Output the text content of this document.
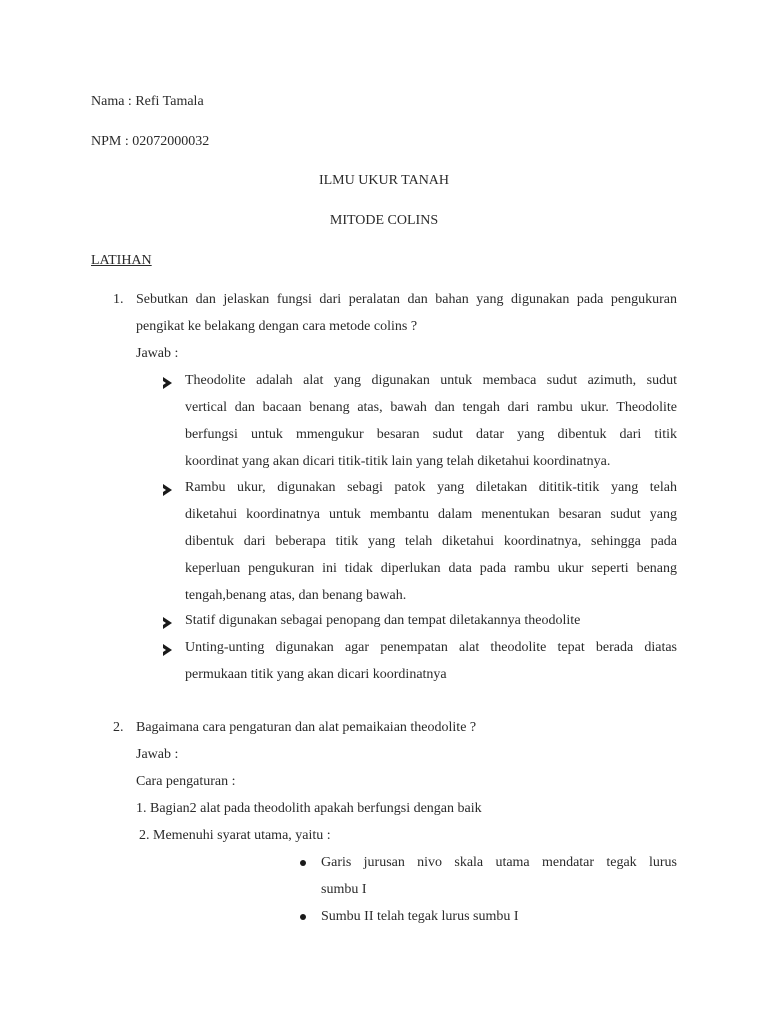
Nama : Refi Tamala
NPM : 02072000032
ILMU UKUR TANAH
MITODE COLINS
LATIHAN
1. Sebutkan dan jelaskan fungsi dari peralatan dan bahan yang digunakan pada pengukuran
pengikat ke belakang dengan cara metode colins ?
Jawab :
Theodolite adalah alat yang digunakan untuk membaca sudut azimuth, sudut
vertical dan bacaan benang atas, bawah dan tengah dari rambu ukur. Theodolite
berfungsi untuk mmengukur besaran sudut datar yang dibentuk dari titik
koordinat yang akan dicari titik-titik lain yang telah diketahui koordinatnya.
Rambu ukur, digunakan sebagi patok yang diletakan dititik-titik yang telah
diketahui koordinatnya untuk membantu dalam menentukan besaran sudut yang
dibentuk dari beberapa titik yang telah diketahui koordinatnya, sehingga pada
keperluan pengukuran ini tidak diperlukan data pada rambu ukur seperti benang
tengah,benang atas, dan benang bawah.
Statif digunakan sebagai penopang dan tempat diletakannya theodolite
Unting-unting digunakan agar penempatan alat theodolite tepat berada diatas
permukaan titik yang akan dicari koordinatnya
2. Bagaimana cara pengaturan dan alat pemaikaian theodolite ?
Jawab :
Cara pengaturan :
1. Bagian2 alat pada theodolith apakah berfungsi dengan baik
2. Memenuhi syarat utama, yaitu :
Garis jurusan nivo skala utama mendatar tegak lurus
sumbu I
Sumbu II telah tegak lurus sumbu I
